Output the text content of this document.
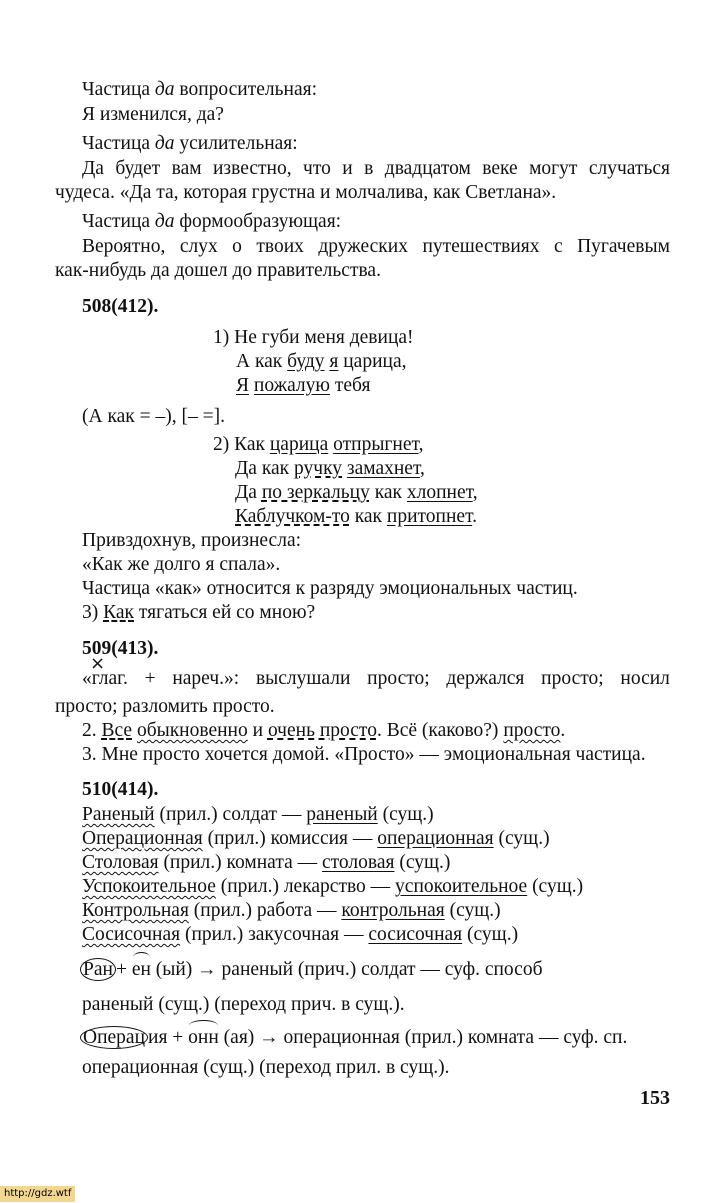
Частица да вопросительная:
Я изменился, да?
Частица да усилительная:
Да будет вам известно, что и в двадцатом веке могут случаться
чудеса. «Да та, которая грустна и молчалива, как Светлана».
Частица да формообразующая:
Вероятно, слух о твоих дружеских путешествиях с Пугачевым
как-нибудь да дошел до правительства.
508(412).
1) Не губи меня девица!
А как буду я царица,
Я пожалую тебя
(А как = –), [– =].
2) Как царица отпрыгнет,
Да как ручку замахнет,
Да по зеркальцу как хлопнет,
Каблучком-то как притопнет.
Привздохнув, произнесла:
«Как же долго я спала».
Частица «как» относится к разряду эмоциональных частиц.
3) Как тягаться ей со мною?
509(413).
«глаг. × + нареч.»: выслушали просто; держался просто; носил
просто; разломить просто.
2. Все обыкновенно и очень просто. Всё (каково?) просто.
3. Мне просто хочется домой. «Просто» — эмоциональная частица.
510(414).
Раненый (прил.) солдат — раненый (сущ.)
Операционная (прил.) комиссия — операционная (сущ.)
Столовая (прил.) комната — столовая (сущ.)
Успокоительное (прил.) лекарство — успокоительное (сущ.)
Контрольная (прил.) работа — контрольная (сущ.)
Сосисочная (прил.) закусочная — сосисочная (сущ.)
Ран + ен (ый) → раненый (прич.) солдат — суф. способ
раненый (сущ.) (переход прич. в сущ.).
Операц ия + онн (ая) → операционная (прил.) комната — суф. сп.
операционная (сущ.) (переход прил. в сущ.).
153
http://gdz.wtf
